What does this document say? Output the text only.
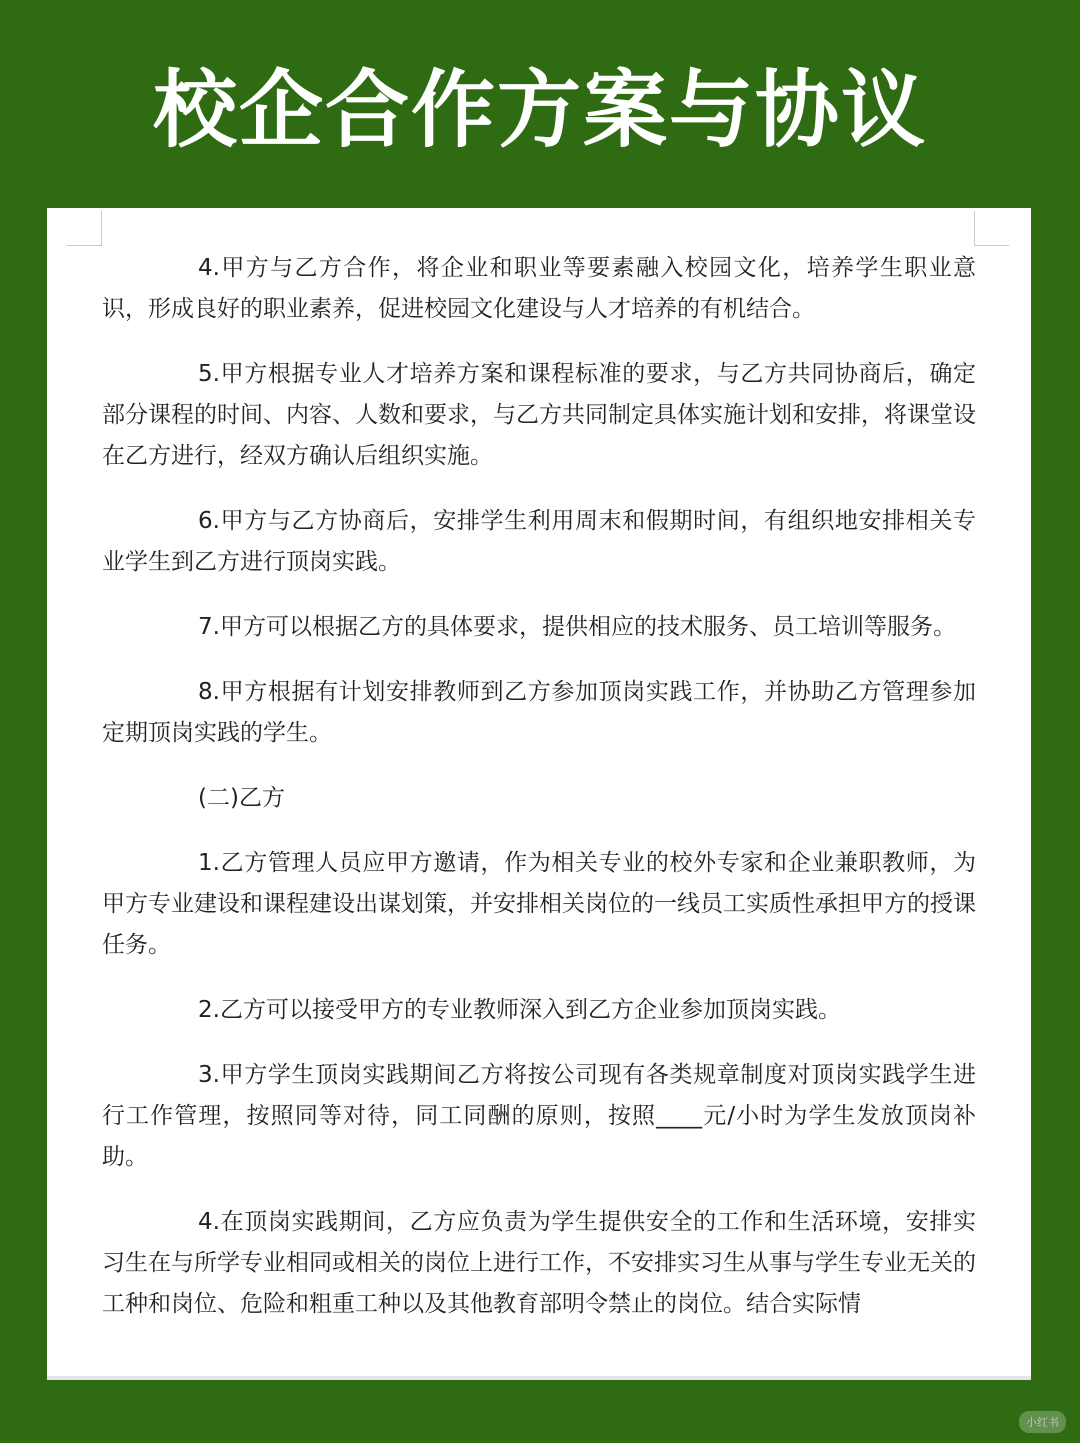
校企合作方案与协议

4.甲方与乙方合作，将企业和职业等要素融入校园文化，培养学生职业意识，形成良好的职业素养，促进校园文化建设与人才培养的有机结合。

5.甲方根据专业人才培养方案和课程标准的要求，与乙方共同协商后，确定部分课程的时间、内容、人数和要求，与乙方共同制定具体实施计划和安排，将课堂设在乙方进行，经双方确认后组织实施。

6.甲方与乙方协商后，安排学生利用周末和假期时间，有组织地安排相关专业学生到乙方进行顶岗实践。

7.甲方可以根据乙方的具体要求，提供相应的技术服务、员工培训等服务。

8.甲方根据有计划安排教师到乙方参加顶岗实践工作，并协助乙方管理参加定期顶岗实践的学生。

(二)乙方

1.乙方管理人员应甲方邀请，作为相关专业的校外专家和企业兼职教师，为甲方专业建设和课程建设出谋划策，并安排相关岗位的一线员工实质性承担甲方的授课任务。

2.乙方可以接受甲方的专业教师深入到乙方企业参加顶岗实践。

3.甲方学生顶岗实践期间乙方将按公司现有各类规章制度对顶岗实践学生进行工作管理，按照同等对待，同工同酬的原则，按照____元/小时为学生发放顶岗补助。

4.在顶岗实践期间，乙方应负责为学生提供安全的工作和生活环境，安排实习生在与所学专业相同或相关的岗位上进行工作，不安排实习生从事与学生专业无关的工种和岗位、危险和粗重工种以及其他教育部明令禁止的岗位。结合实际情

小红书
